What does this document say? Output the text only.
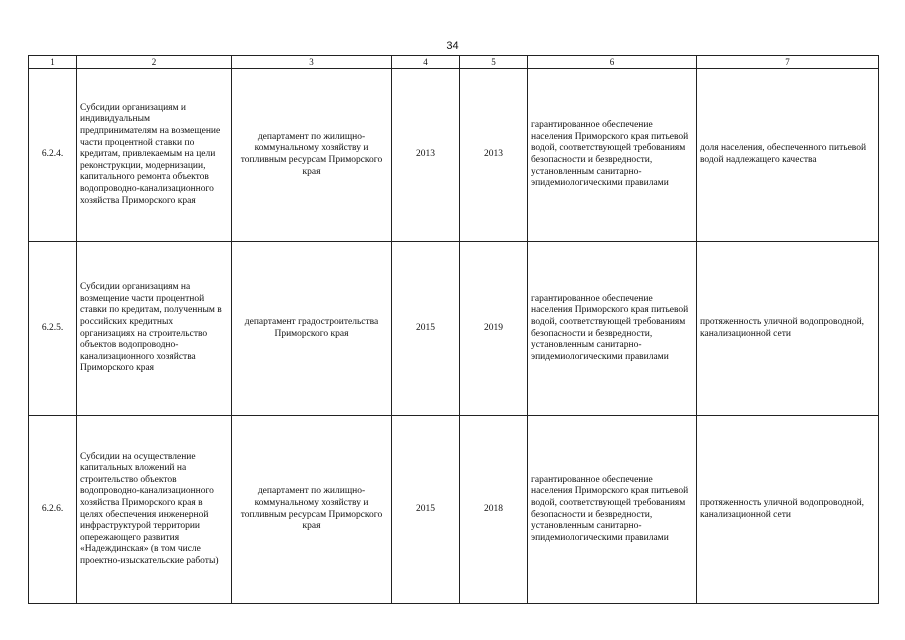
34
1	2	3	4	5	6	7
6.2.4.	Субсидии организациям и индивидуальным предпринимателям на возмещение части процентной ставки по кредитам, привлекаемым на цели реконструкции, модернизации, капитального ремонта объектов водопроводно-канализационного хозяйства Приморского края	департамент по жилищно-коммунальному хозяйству и топливным ресурсам Приморского края	2013	2013	гарантированное обеспечение населения Приморского края питьевой водой, соответствующей требованиям безопасности и безвредности, установленным санитарно-эпидемиологическими правилами	доля населения, обеспеченного питьевой водой надлежащего качества
6.2.5.	Субсидии организациям на возмещение части процентной ставки по кредитам, полученным в российских кредитных организациях на строительство объектов водопроводно-канализационного хозяйства Приморского края	департамент градостроительства Приморского края	2015	2019	гарантированное обеспечение населения Приморского края питьевой водой, соответствующей требованиям безопасности и безвредности, установленным санитарно-эпидемиологическими правилами	протяженность уличной водопроводной, канализационной сети
6.2.6.	Субсидии на осуществление капитальных вложений на строительство объектов водопроводно-канализационного хозяйства Приморского края в целях обеспечения инженерной инфраструктурой территории опережающего развития «Надеждинская» (в том числе проектно-изыскательские работы)	департамент по жилищно-коммунальному хозяйству и топливным ресурсам Приморского края	2015	2018	гарантированное обеспечение населения Приморского края питьевой водой, соответствующей требованиям безопасности и безвредности, установленным санитарно-эпидемиологическими правилами	протяженность уличной водопроводной, канализационной сети
